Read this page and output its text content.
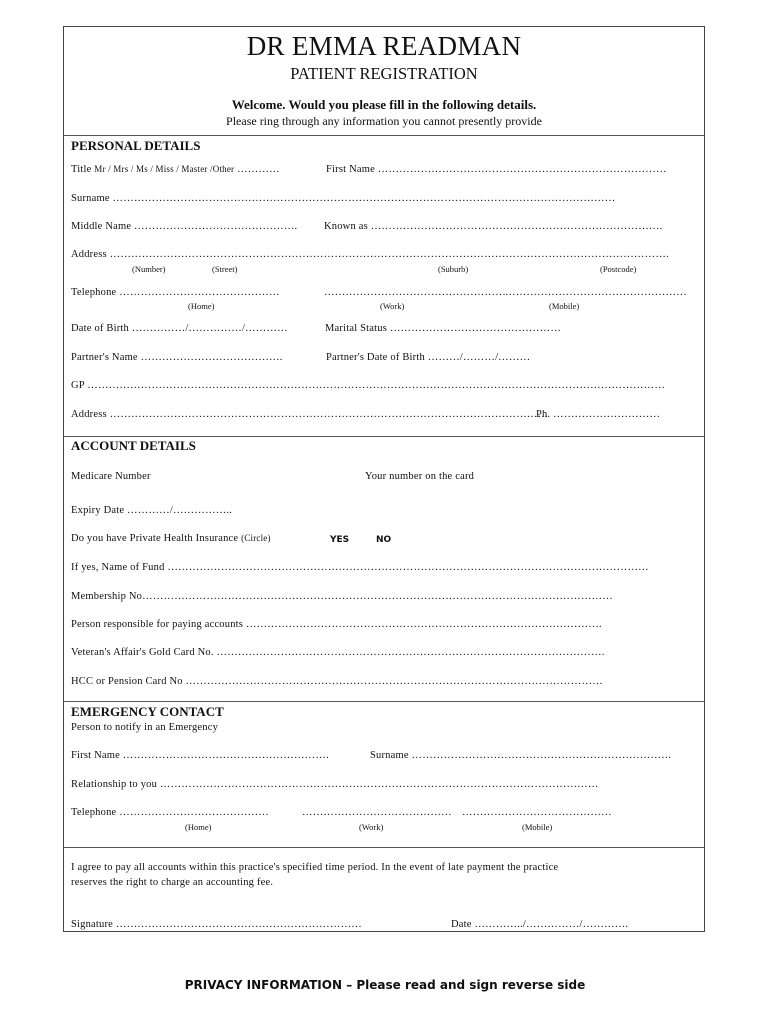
DR EMMA READMAN
PATIENT REGISTRATION
Welcome. Would you please fill in the following details.
Please ring through any information you cannot presently provide
PERSONAL DETAILS
Title Mr / Mrs / Ms / Miss / Master /Other …………	First Name ………………………………………………………………………
Surname ……………………………………………………………………………………………………………………………
Middle Name ……………………………………….	Known as ……………………………………………………………………….
Address ………………………………………………………………………………………………………………………………………….
(Number)	(Street)	(Suburb)	(Postcode)
Telephone ………………………………………	…………………………………………… ……………………………………………
(Home)	(Work)	(Mobile)
Date of Birth ……………/……………/…………	Marital Status …………………………………………
Partner's Name ………………………………….	Partner's Date of Birth ………/………/………
GP ………………………………………………………………………………………………………………………………………………
Address ……………………………………………………………………………………………………………
Ph. …………………………
ACCOUNT DETAILS
Medicare Number	Your number on the card
Expiry Date …………/……………..
Do you have Private Health Insurance (Circle)	YES	NO
If yes, Name of Fund ………………………………………………………………………………………………………………………
Membership No……………………………………………………………………………………………………………………
Person responsible for paying accounts ……………………………………………………………………………………….
Veteran's Affair's Gold Card No. ……………………………………………………………………………………………….
HCC or Pension Card No ………………………………………………………………………………………………………
EMERGENCY CONTACT
Person to notify in an Emergency
First Name ………………………………………………….	Surname ……………………………………………………………….
Relationship to you ……………………………………………………………………………………………………………
Telephone ……………………………………	…………………………………… ……………………………………
(Home)	(Work)	(Mobile)
I agree to pay all accounts within this practice's specified time period. In the event of late payment the practice
reserves the right to charge an accounting fee.
Signature ……………………………………………………………	Date …………../……………/………….
PRIVACY INFORMATION – Please read and sign reverse side
